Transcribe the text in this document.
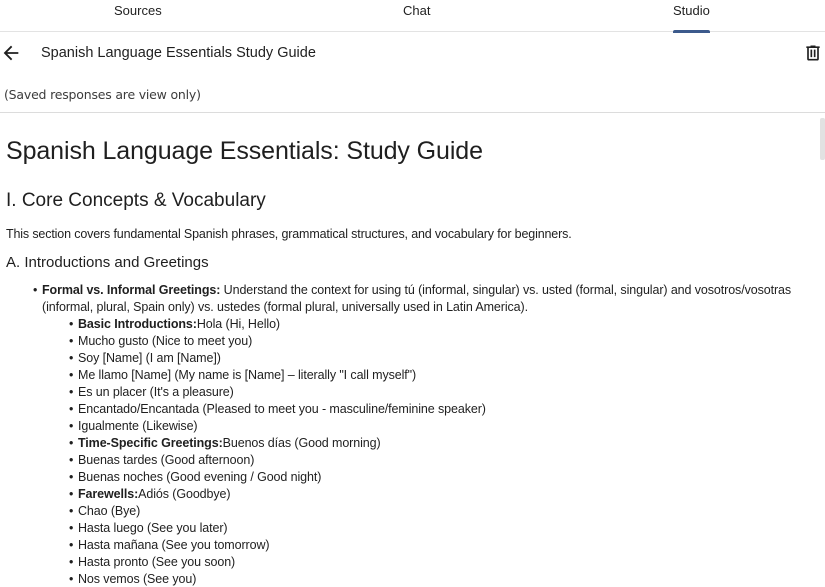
Sources	Chat	Studio
Spanish Language Essentials Study Guide
(Saved responses are view only)
Spanish Language Essentials: Study Guide
I. Core Concepts & Vocabulary

This section covers fundamental Spanish phrases, grammatical structures, and vocabulary for beginners.

A. Introductions and Greetings
• Formal vs. Informal Greetings: Understand the context for using tú (informal, singular) vs. usted (formal, singular) and vosotros/vosotras (informal, plural, Spain only) vs. ustedes (formal plural, universally used in Latin America).
• Basic Introductions:Hola (Hi, Hello)
• Mucho gusto (Nice to meet you)
• Soy [Name] (I am [Name])
• Me llamo [Name] (My name is [Name] – literally "I call myself")
• Es un placer (It's a pleasure)
• Encantado/Encantada (Pleased to meet you - masculine/feminine speaker)
• Igualmente (Likewise)
• Time-Specific Greetings:Buenos días (Good morning)
• Buenas tardes (Good afternoon)
• Buenas noches (Good evening / Good night)
• Farewells:Adiós (Goodbye)
• Chao (Bye)
• Hasta luego (See you later)
• Hasta mañana (See you tomorrow)
• Hasta pronto (See you soon)
• Nos vemos (See you)
